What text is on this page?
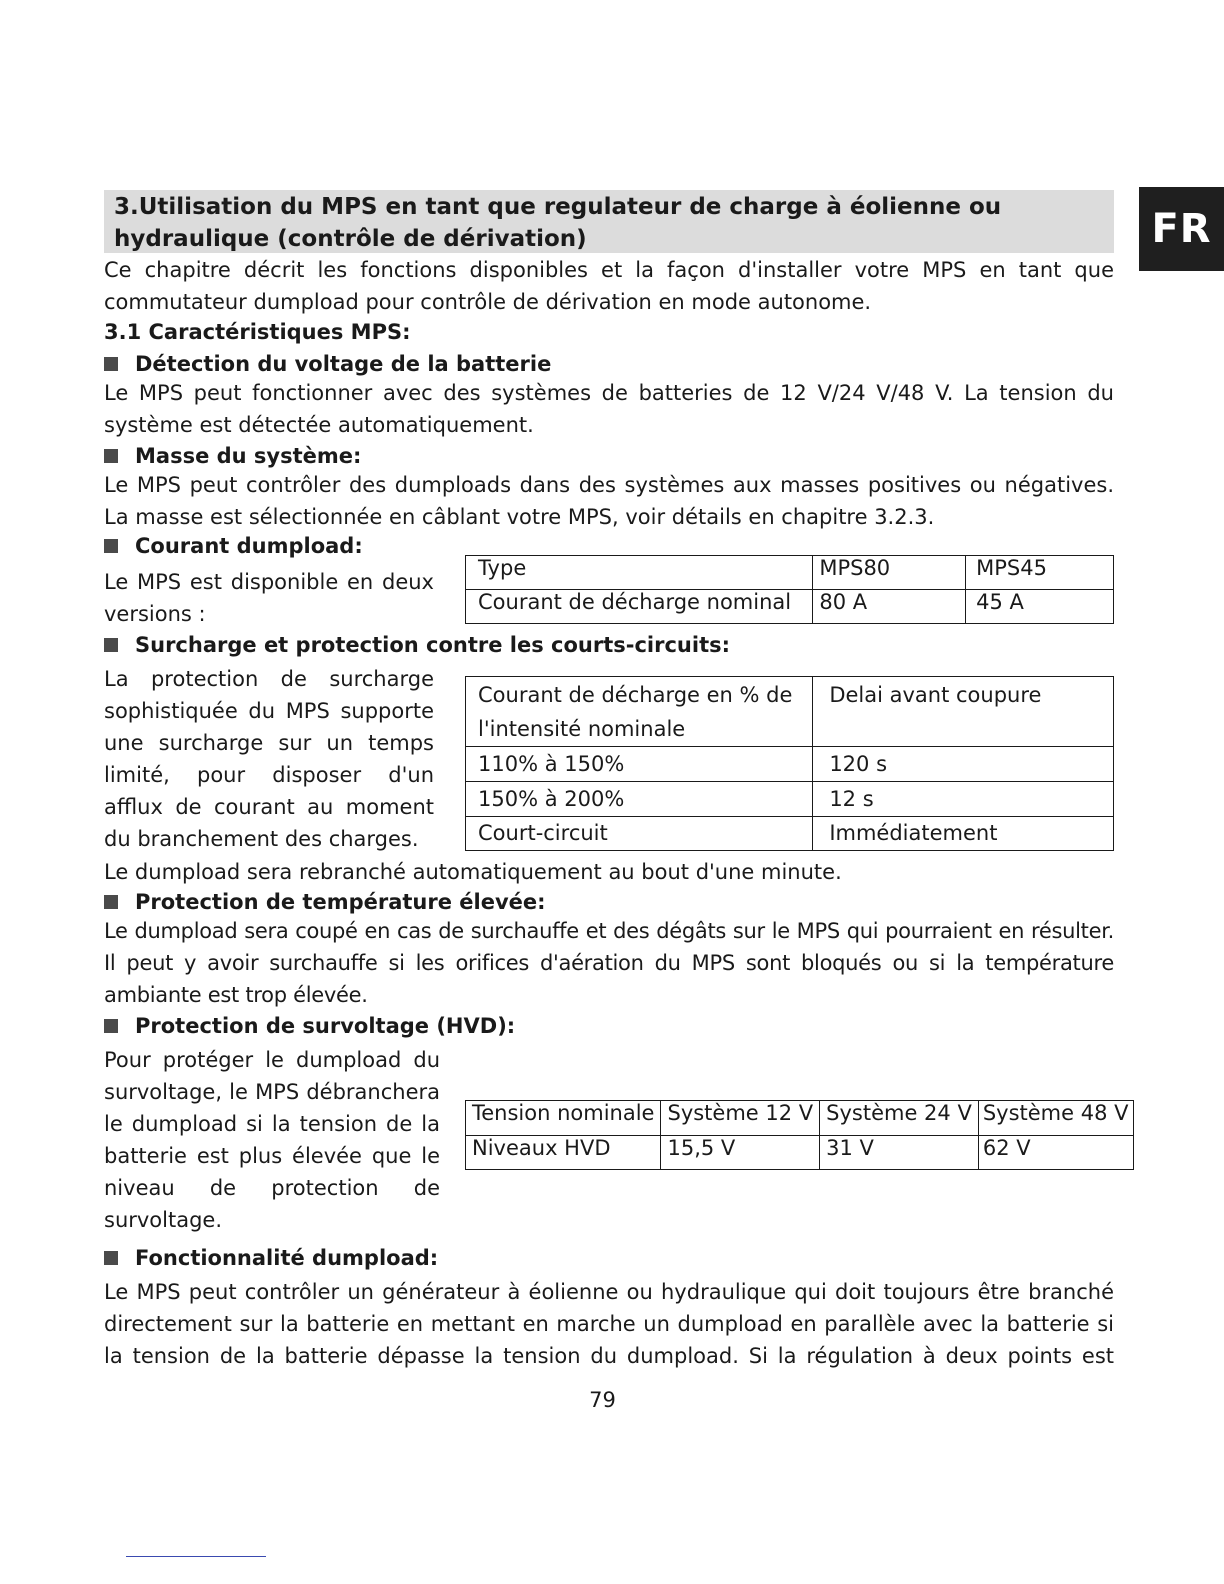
FR
3.Utilisation du MPS en tant que regulateur de charge à éolienne ou hydraulique (contrôle de dérivation)

Ce chapitre décrit les fonctions disponibles et la façon d'installer votre MPS en tant que commutateur dumpload pour contrôle de dérivation en mode autonome.

3.1 Caractéristiques MPS:
Détection du voltage de la batterie

Le MPS peut fonctionner avec des systèmes de batteries de 12 V/24 V/48 V. La tension du système est détectée automatiquement.

Masse du système:

Le MPS peut contrôler des dumploads dans des systèmes aux masses positives ou négatives. La masse est sélectionnée en câblant votre MPS, voir détails en chapitre 3.2.3.

Courant dumpload:

Le MPS est disponible en deux versions :

Type	MPS80	MPS45
Courant de décharge nominal	80 A	45 A
Surcharge et protection contre les courts-circuits:

La protection de surcharge sophistiquée du MPS supporte une surcharge sur un temps limité, pour disposer d'un afflux de courant au moment du branchement des charges.

Courant de décharge en % de l'intensité nominale	Delai avant coupure
110% à 150%	120 s
150% à 200%	12 s
Court-circuit	Immédiatement

Le dumpload sera rebranché automatiquement au bout d'une minute.

Protection de température élevée:

Le dumpload sera coupé en cas de surchauffe et des dégâts sur le MPS qui pourraient en résulter. Il peut y avoir surchauffe si les orifices d'aération du MPS sont bloqués ou si la température ambiante est trop élevée.

Protection de survoltage (HVD):

Pour protéger le dumpload du survoltage, le MPS débranchera le dumpload si la tension de la batterie est plus élevée que le niveau de protection de survoltage.

Tension nominale	Système 12 V	Système 24 V	Système 48 V
Niveaux HVD	15,5 V	31 V	62 V
Fonctionnalité dumpload:

Le MPS peut contrôler un générateur à éolienne ou hydraulique qui doit toujours être branché directement sur la batterie en mettant en marche un dumpload en parallèle avec la batterie si la tension de la batterie dépasse la tension du dumpload. Si la régulation à deux points est

79
